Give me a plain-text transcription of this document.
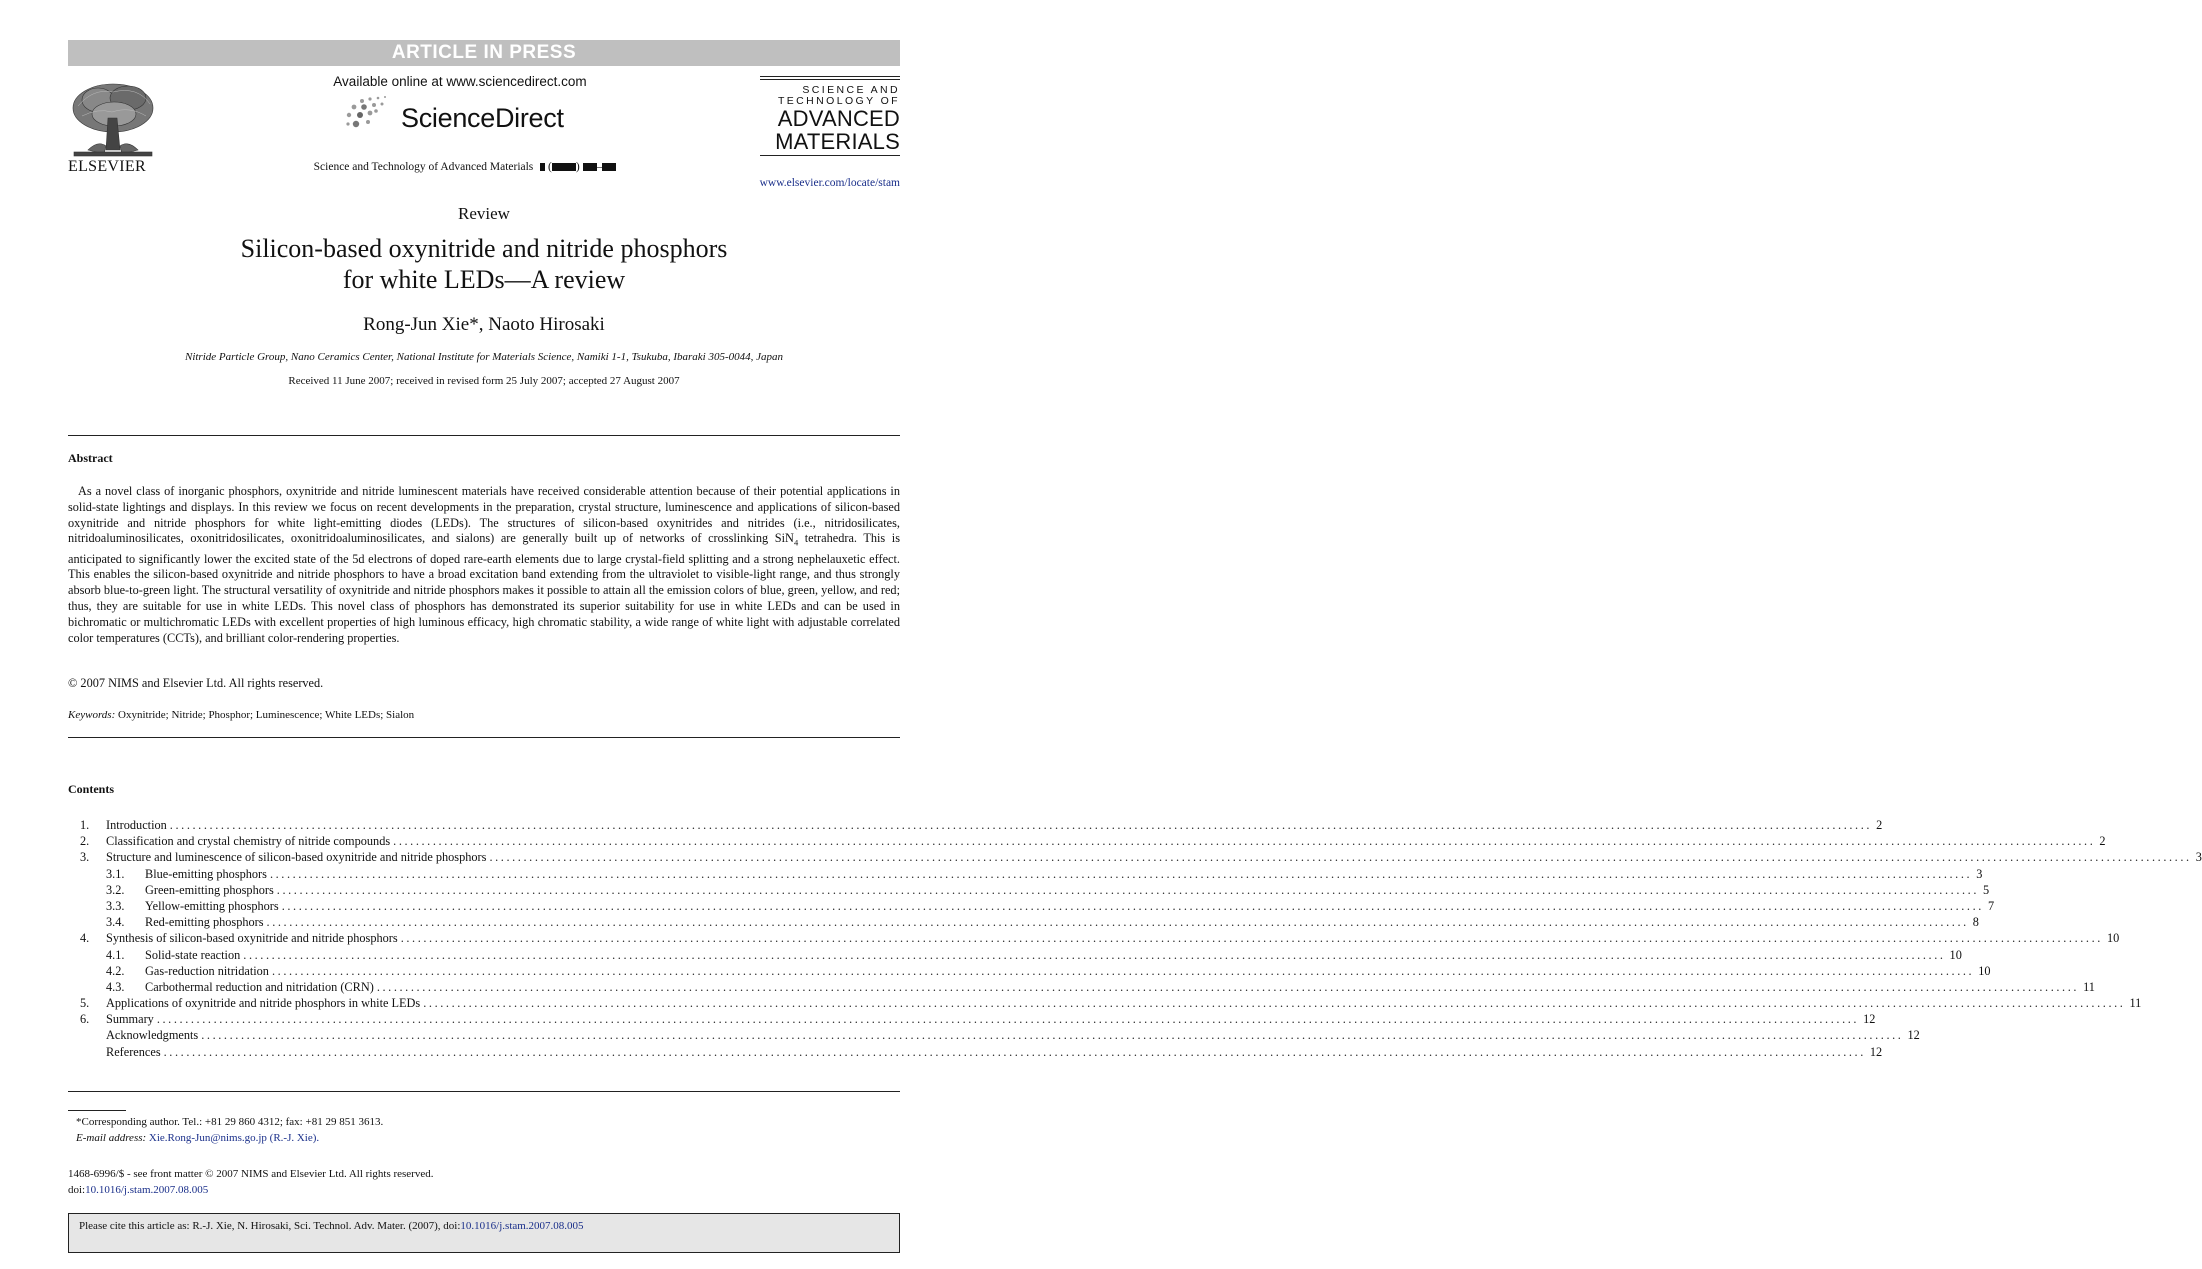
ARTICLE IN PRESS
ELSEVIER
Available online at www.sciencedirect.com
ScienceDirect
Science and Technology of Advanced Materials  ( ) –
SCIENCE AND
TECHNOLOGY OF
ADVANCED
MATERIALS
www.elsevier.com/locate/stam
Review
Silicon-based oxynitride and nitride phosphors
for white LEDs—A review
Rong-Jun Xie*, Naoto Hirosaki
Nitride Particle Group, Nano Ceramics Center, National Institute for Materials Science, Namiki 1-1, Tsukuba, Ibaraki 305-0044, Japan
Received 11 June 2007; received in revised form 25 July 2007; accepted 27 August 2007
Abstract
As a novel class of inorganic phosphors, oxynitride and nitride luminescent materials have received considerable attention because of their potential applications in solid-state lightings and displays. In this review we focus on recent developments in the preparation, crystal structure, luminescence and applications of silicon-based oxynitride and nitride phosphors for white light-emitting diodes (LEDs). The structures of silicon-based oxynitrides and nitrides (i.e., nitridosilicates, nitridoaluminosilicates, oxonitridosilicates, oxonitridoaluminosilicates, and sialons) are generally built up of networks of crosslinking SiN$_4$ tetrahedra. This is anticipated to significantly lower the excited state of the 5d electrons of doped rare-earth elements due to large crystal-field splitting and a strong nephelauxetic effect. This enables the silicon-based oxynitride and nitride phosphors to have a broad excitation band extending from the ultraviolet to visible-light range, and thus strongly absorb blue-to-green light. The structural versatility of oxynitride and nitride phosphors makes it possible to attain all the emission colors of blue, green, yellow, and red; thus, they are suitable for use in white LEDs. This novel class of phosphors has demonstrated its superior suitability for use in white LEDs and can be used in bichromatic or multichromatic LEDs with excellent properties of high luminous efficacy, high chromatic stability, a wide range of white light with adjustable correlated color temperatures (CCTs), and brilliant color-rendering properties.
© 2007 NIMS and Elsevier Ltd. All rights reserved.
Keywords: Oxynitride; Nitride; Phosphor; Luminescence; White LEDs; Sialon
Contents
1.	Introduction ............................................................................................................................................................................................................................................................................................................ 2
2.	Classification and crystal chemistry of nitride compounds ............................................................................................................................................................................................................................................................................................................ 2
3.	Structure and luminescence of silicon-based oxynitride and nitride phosphors ............................................................................................................................................................................................................................................................................................................ 3
3.1.	Blue-emitting phosphors ............................................................................................................................................................................................................................................................................................................ 3
3.2.	Green-emitting phosphors ............................................................................................................................................................................................................................................................................................................ 5
3.3.	Yellow-emitting phosphors ............................................................................................................................................................................................................................................................................................................ 7
3.4.	Red-emitting phosphors ............................................................................................................................................................................................................................................................................................................ 8
4.	Synthesis of silicon-based oxynitride and nitride phosphors ............................................................................................................................................................................................................................................................................................................ 10
4.1.	Solid-state reaction ............................................................................................................................................................................................................................................................................................................ 10
4.2.	Gas-reduction nitridation ............................................................................................................................................................................................................................................................................................................ 10
4.3.	Carbothermal reduction and nitridation (CRN) ............................................................................................................................................................................................................................................................................................................ 11
5.	Applications of oxynitride and nitride phosphors in white LEDs ............................................................................................................................................................................................................................................................................................................ 11
6.	Summary ............................................................................................................................................................................................................................................................................................................ 12
Acknowledgments ............................................................................................................................................................................................................................................................................................................ 12
References ............................................................................................................................................................................................................................................................................................................ 12
*Corresponding author. Tel.: +81 29 860 4312; fax: +81 29 851 3613.
E-mail address: Xie.Rong-Jun@nims.go.jp (R.-J. Xie).
1468-6996/$ - see front matter © 2007 NIMS and Elsevier Ltd. All rights reserved.
doi:10.1016/j.stam.2007.08.005
Please cite this article as: R.-J. Xie, N. Hirosaki, Sci. Technol. Adv. Mater. (2007), doi:10.1016/j.stam.2007.08.005
